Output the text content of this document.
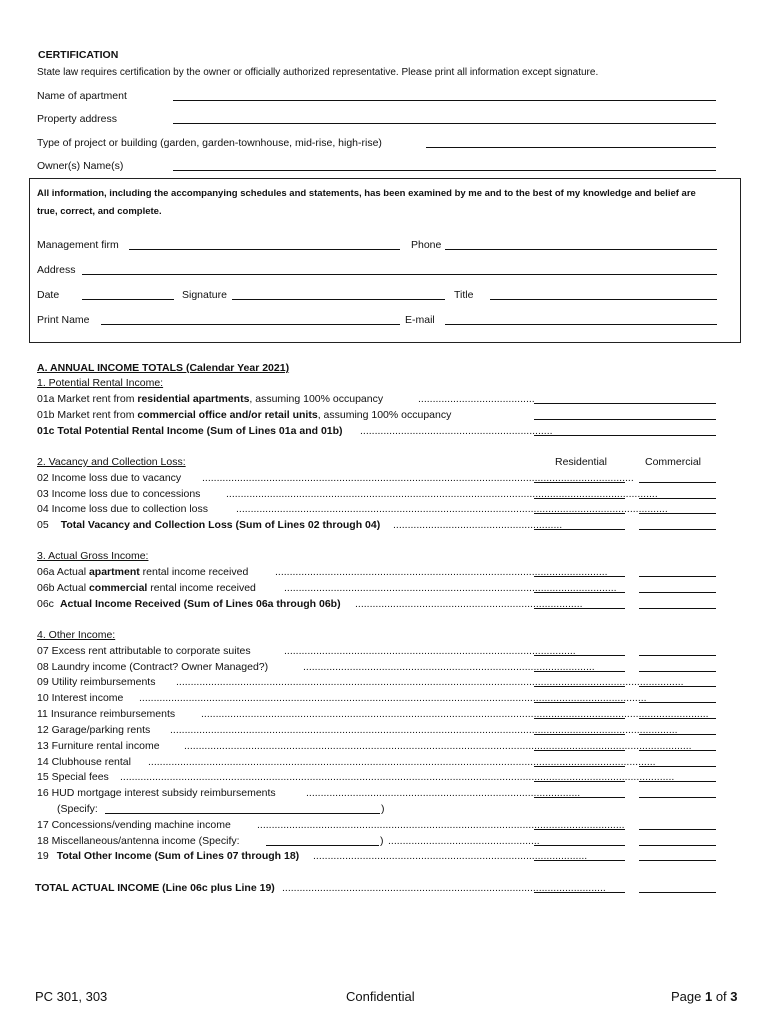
CERTIFICATION
State law requires certification by the owner or officially authorized representative. Please print all information except signature.
Name of apartment
Property address
Type of project or building (garden, garden-townhouse, mid-rise, high-rise)
Owner(s) Name(s)
All information, including the accompanying schedules and statements, has been examined by me and to the best of my knowledge and belief are
true, correct, and complete.
Management firm	Phone
Address
Date	Signature	Title
Print Name	E-mail
A. ANNUAL INCOME TOTALS (Calendar Year 2021)
1. Potential Rental Income:
01a Market rent from residential apartments, assuming 100% occupancy	........................................
01b Market rent from commercial office and/or retail units, assuming 100% occupancy
01c Total Potential Rental Income (Sum of Lines 01a and 01b) ..................................................................
2. Vacancy and Collection Loss:	Residential	Commercial
02 Income loss due to vacancy ....................................................................................................................................................
03 Income loss due to concessions ....................................................................................................................................................
04 Income loss due to collection loss	....................................................................................................................................................
05 Total Vacancy and Collection Loss (Sum of Lines 02 through 04) ..........................................................
3. Actual Gross Income:
06a Actual apartment rental income received	..................................................................................................................
06b Actual commercial rental income received	..................................................................................................................
06c Actual Income Received (Sum of Lines 06a through 06b) ..............................................................................
4. Other Income:
07 Excess rent attributable to corporate suites	....................................................................................................
08 Laundry income (Contract? Owner Managed?)	....................................................................................................
09 Utility reimbursements ..............................................................................................................................................................................
10 Interest income ..............................................................................................................................................................................
11 Insurance reimbursements ..............................................................................................................................................................................
12 Garage/parking rents ..............................................................................................................................................................................
13 Furniture rental income ..............................................................................................................................................................................
14 Clubhouse rental ..............................................................................................................................................................................
15 Special fees ..............................................................................................................................................................................................
16 HUD mortgage interest subsidy reimbursements	..............................................................................................
(Specify:	)
17 Concessions/vending machine income ..............................................................................................................................
18 Miscellaneous/antenna income (Specify:	) ....................................................
19 Total Other Income (Sum of Lines 07 through 18) ..............................................................................................
TOTAL ACTUAL INCOME (Line 06c plus Line 19) ...............................................................................................................
PC 301, 303	Confidential	Page 1 of 3
